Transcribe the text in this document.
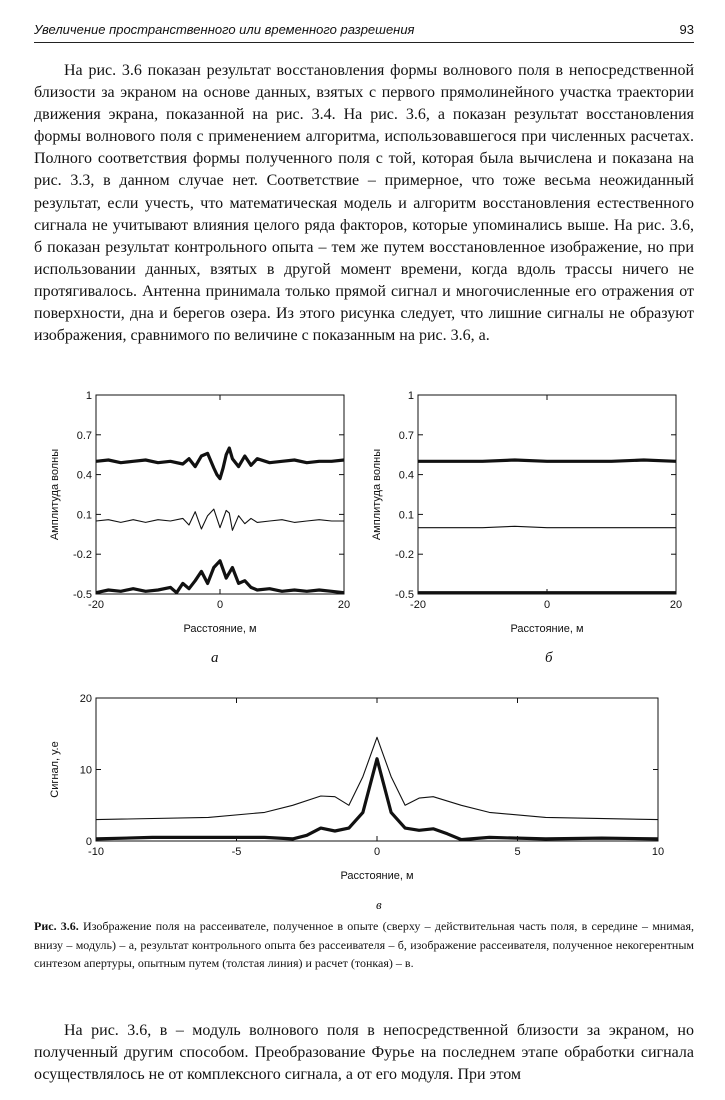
Увеличение пространственного или временного разрешения	93

На рис. 3.6 показан результат восстановления формы волнового поля в непосредственной близости за экраном на основе данных, взятых с первого прямолинейного участка траектории движения экрана, показанной на рис. 3.4. На рис. 3.6, а показан результат восстановления формы волнового поля с применением алгоритма, использовавшегося при численных расчетах. Полного соответствия формы полученного поля с той, которая была вычислена и показана на рис. 3.3, в данном случае нет. Соответствие – примерное, что тоже весьма неожиданный результат, если учесть, что математическая модель и алгоритм восстановления естественного сигнала не учитывают влияния целого ряда факторов, которые упоминались выше. На рис. 3.6, б показан результат контрольного опыта – тем же путем восстановленное изображение, но при использовании данных, взятых в другой момент времени, когда вдоль трассы ничего не протягивалось. Антенна принимала только прямой сигнал и многочисленные его отражения от поверхности, дна и берегов озера. Из этого рисунка следует, что лишние сигналы не образуют изображения, сравнимого по величине с показанным на рис. 3.6, а.

1
0.7
0.4
0.1
-0.2
-0.5
-20	0	20
Расстояние, м
Амплитуда волны
а
1
0.7
0.4
0.1
-0.2
-0.5
-20	0	20
Расстояние, м
Амплитуда волны
б
20
10
0
-10	-5	0	5	10
Расстояние, м
Сигнал, у.е
в

Рис. 3.6. Изображение поля на рассеивателе, полученное в опыте (сверху – действительная часть поля, в середине – мнимая, внизу – модуль) – а, результат контрольного опыта без рассеивателя – б, изображение рассеивателя, полученное некогерентным синтезом апертуры, опытным путем (толстая линия) и расчет (тонкая) – в.

На рис. 3.6, в – модуль волнового поля в непосредственной близости за экраном, но полученный другим способом. Преобразование Фурье на последнем этапе обработки сигнала осуществлялось не от комплексного сигнала, а от его модуля. При этом
